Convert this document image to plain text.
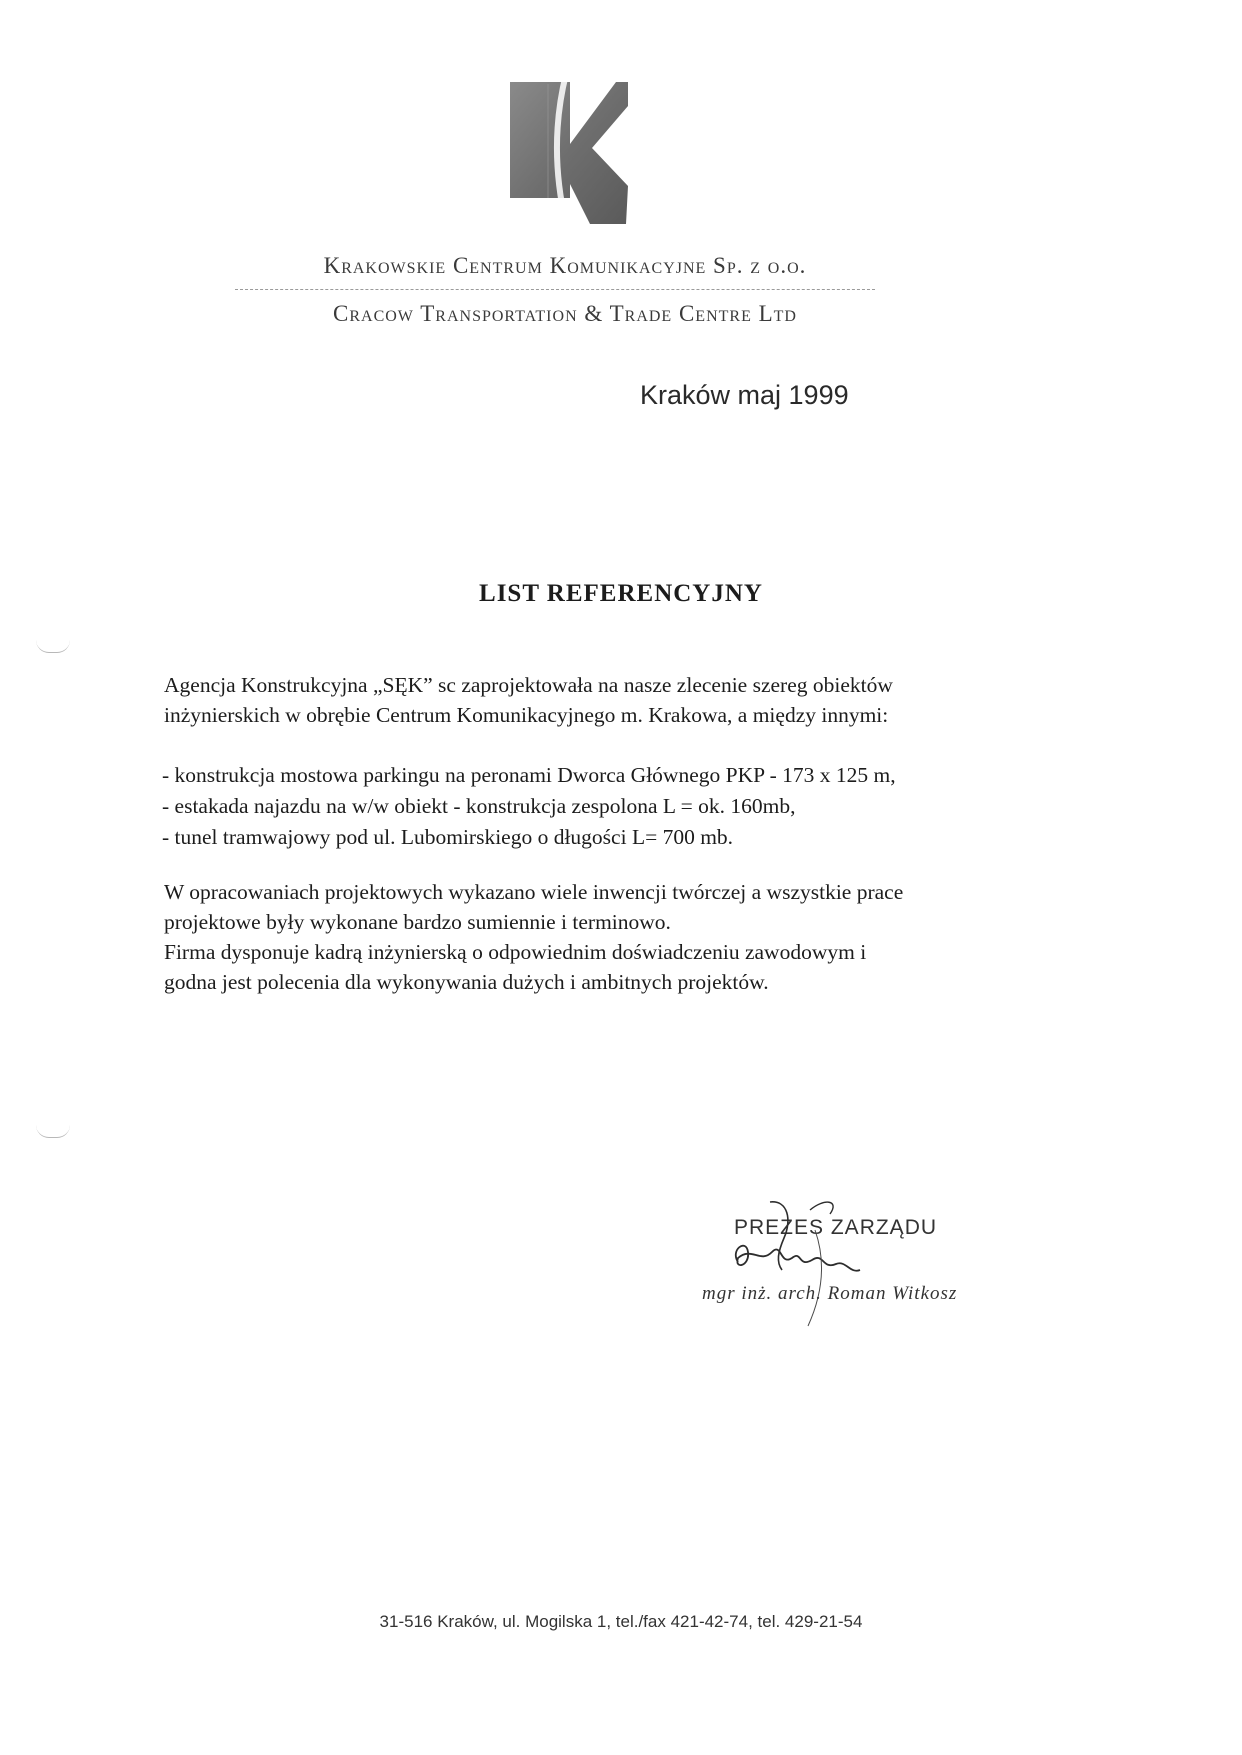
Krakowskie Centrum Komunikacyjne Sp. z o.o.
Cracow Transportation & Trade Centre Ltd
Kraków maj 1999
LIST REFERENCYJNY
Agencja Konstrukcyjna „SĘK” sc zaprojektowała na nasze zlecenie szereg obiektów
inżynierskich w obrębie Centrum Komunikacyjnego m. Krakowa, a między innymi:
- konstrukcja mostowa parkingu na peronami Dworca Głównego PKP - 173 x 125 m,
- estakada najazdu na w/w obiekt - konstrukcja zespolona L = ok. 160mb,
- tunel tramwajowy pod ul. Lubomirskiego o długości L= 700 mb.
W opracowaniach projektowych wykazano wiele inwencji twórczej a wszystkie prace
projektowe były wykonane bardzo sumiennie i terminowo.
Firma dysponuje kadrą inżynierską o odpowiednim doświadczeniu zawodowym i
godna jest polecenia dla wykonywania dużych i ambitnych projektów.
PREZES ZARZĄDU
mgr inż. arch. Roman Witkosz
31-516 Kraków, ul. Mogilska 1, tel./fax 421-42-74, tel. 429-21-54
